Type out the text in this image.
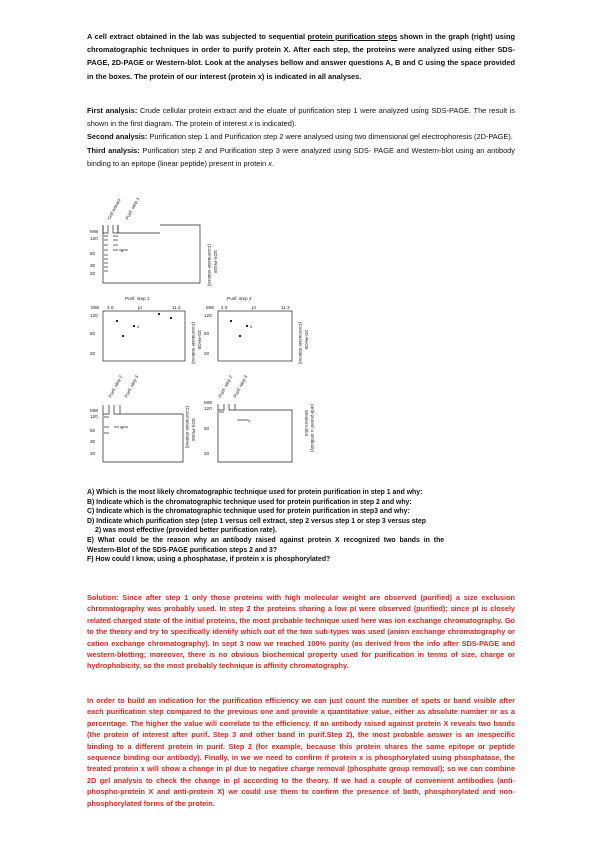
A cell extract obtained in the lab was subjected to sequential protein purification steps shown in the graph (right) using chromatographic techniques in order to purify protein X. After each step, the proteins were analyzed using either SDS-PAGE, 2D-PAGE or Western-blot. Look at the analyses bellow and answer questions A, B and C using the space provided in the boxes. The protein of our interest (protein x) is indicated in all analyses.
First analysis: Crude cellular protein extract and the eluate of purification step 1 were analyzed using SDS-PAGE. The result is shown in the first diagram. The protein of interest x is indicated).
Second analysis: Purification step 1 and Purification step 2 were analysed using two dimensional gel electrophoresis (2D-PAGE).
Third analysis: Purification step 2 and Purification step 3 were analyzed using SDS- PAGE and Western-blot using an antibody binding to an epitope (linear peptide) present in protein x.
Cell extract Purif. step 1
MW
120
50
30
20
x	SDS-PAGE
(Coomassie stained)
Purif. step 1
MW 4.0	pI	11.3
120
50
20
2D-PAGE
(Coomassie stained)
Purif. step 2
MW 4.0	pI	11.3
120
50
20
2D-PAGE
(Coomassie stained)
x	x
Purif. step 2 Purif. step 3
MW
120
50
30
20
x	SDS-PAGE
(Coomassie stained)
Purif. step 2 Purif. step 3
MW
120
50
20
x	Western-blot (anti-protein x antibody)
A) Which is the most likely chromatographic technique used for protein purification in step 1 and why:
B) Indicate which is the chromatographic technique used for protein purification in step 2 and why:
C) Indicate which is the chromatographic technique used for protein purification in step3 and why:
D) Indicate which purification step (step 1 versus cell extract, step 2 versus step 1 or step 3 versus step
2) was most effective (provided better purification rate).
E) What could be the reason why an antibody raised against protein X recognized two bands in the
Western-Blot of the SDS-PAGE purification steps 2 and 3?
F) How could I know, using a phosphatase, if protein x is phosphorylated?
Solution: Since after step 1 only those proteins with high molecular weight are observed (purified) a size exclusion chromatography was probably used. In step 2 the proteins sharing a low pI were observed (purified); since pI is closely related charged state of the initial proteins, the most probable technique used here was ion exchange chromatography. Go to the theory and try to specifically identify which out of the two sub-types was used (anion exchange chromatography or cation exchange chromatography). In sept 3 now we reached 100% purity (as derived from the info after SDS-PAGE and western-blotting; moreover, there is no obvious biochemical property used for purification in terms of size, charge or hydrophobicity, so the most probably technique is affinity chromatography.
In order to build an indication for the purification efficiency we can just count the number of spots or band visible after each purification step compared to the previous one and provide a quantitative value, either as absolute number or as a percentage. The higher the value will correlate to the efficiency. If an antibody raised against protein X reveals two bands (the protein of interest after purif. Step 3 and other band in purif.Step 2), the most probable answer is an inespecific binding to a different protein in purif. Step 2 (for example, because this protein shares the same epitope or peptide sequence binding our antibody). Finally, in we we need to confirm if protein x is phosphorylated using phosphatase, the treated protein x will show a change in pI due to negative charge removal (phosphate group removal); so we can combine 2D gel analysis to check the change in pI according to the theory. If we had a couple of convenient antibodies (anti-phospho-protein X and anti-protein X) we could use them to confirm the presence of both, phosphorylated and non-phosphorylated forms of the protein.
